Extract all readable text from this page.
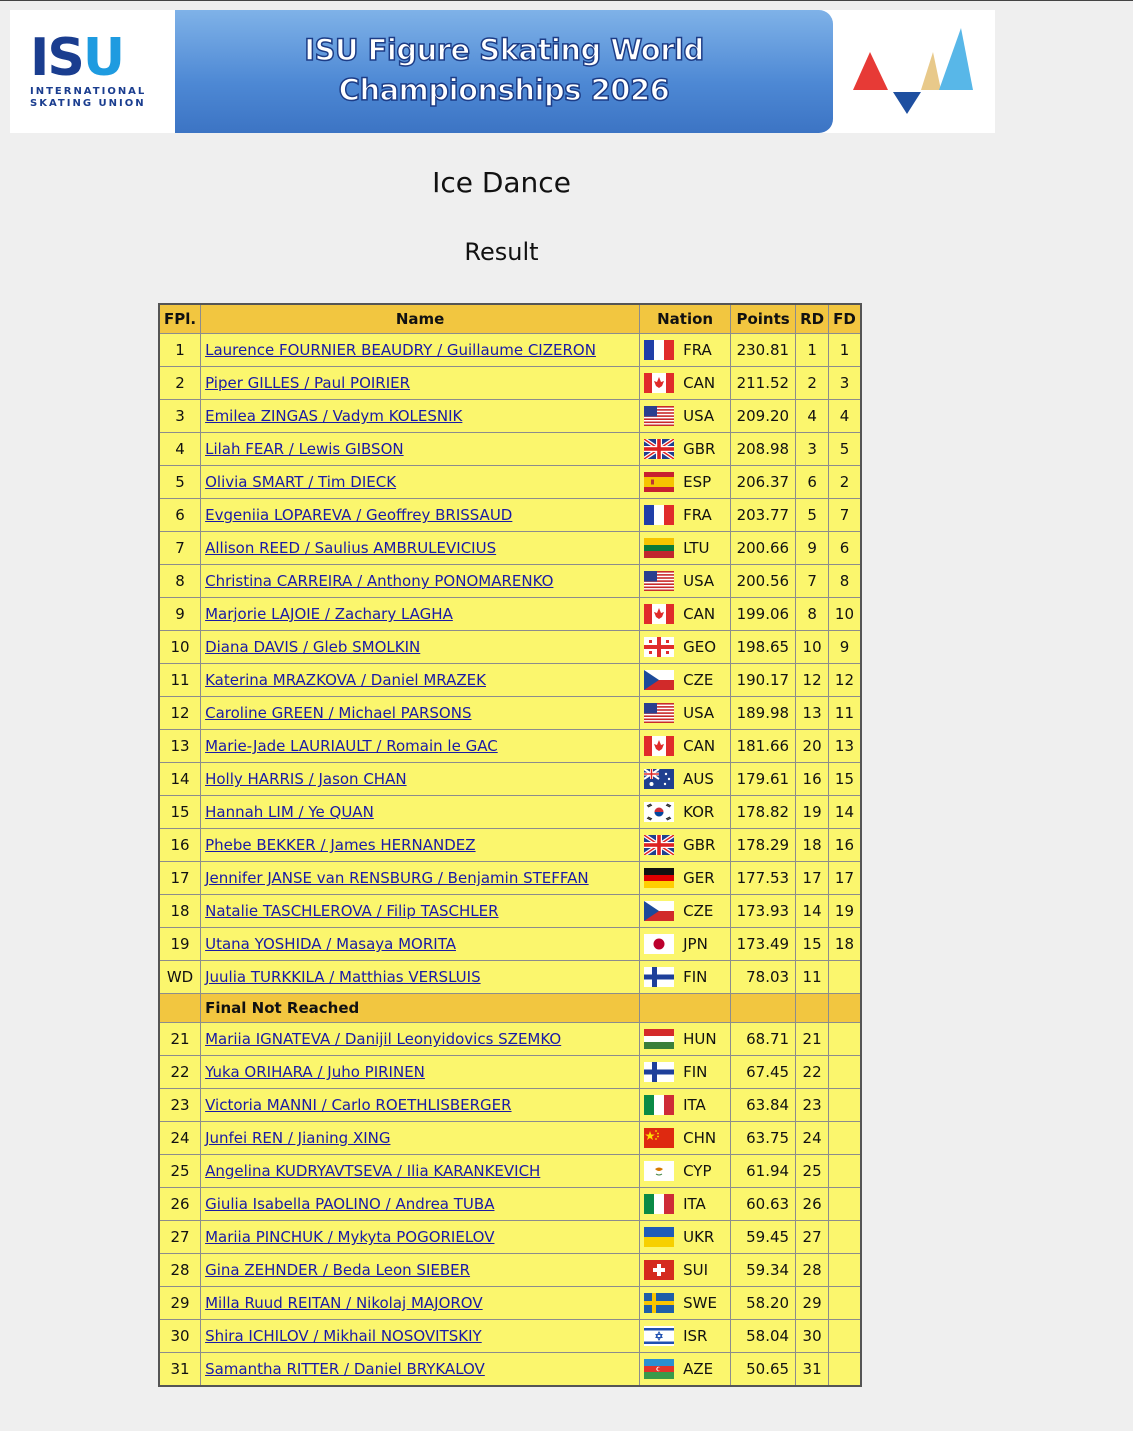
ISU
INTERNATIONAL
SKATING UNION
ISU Figure Skating World
Championships 2026
Ice Dance
Result
FPl.	Name	Nation	Points	RD	FD
1	Laurence FOURNIER BEAUDRY / Guillaume CIZERON	FRA	230.81	1	1
2	Piper GILLES / Paul POIRIER	CAN	211.52	2	3
3	Emilea ZINGAS / Vadym KOLESNIK	USA	209.20	4	4
4	Lilah FEAR / Lewis GIBSON	GBR	208.98	3	5
5	Olivia SMART / Tim DIECK	ESP	206.37	6	2
6	Evgeniia LOPAREVA / Geoffrey BRISSAUD	FRA	203.77	5	7
7	Allison REED / Saulius AMBRULEVICIUS	LTU	200.66	9	6
8	Christina CARREIRA / Anthony PONOMARENKO	USA	200.56	7	8
9	Marjorie LAJOIE / Zachary LAGHA	CAN	199.06	8	10
10	Diana DAVIS / Gleb SMOLKIN	GEO	198.65	10	9
11	Katerina MRAZKOVA / Daniel MRAZEK	CZE	190.17	12	12
12	Caroline GREEN / Michael PARSONS	USA	189.98	13	11
13	Marie-Jade LAURIAULT / Romain le GAC	CAN	181.66	20	13
14	Holly HARRIS / Jason CHAN	AUS	179.61	16	15
15	Hannah LIM / Ye QUAN	KOR	178.82	19	14
16	Phebe BEKKER / James HERNANDEZ	GBR	178.29	18	16
17	Jennifer JANSE van RENSBURG / Benjamin STEFFAN	GER	177.53	17	17
18	Natalie TASCHLEROVA / Filip TASCHLER	CZE	173.93	14	19
19	Utana YOSHIDA / Masaya MORITA	JPN	173.49	15	18
WD	Juulia TURKKILA / Matthias VERSLUIS	FIN	78.03	11	
	Final Not Reached				
21	Mariia IGNATEVA / Danijil Leonyidovics SZEMKO	HUN	68.71	21	
22	Yuka ORIHARA / Juho PIRINEN	FIN	67.45	22	
23	Victoria MANNI / Carlo ROETHLISBERGER	ITA	63.84	23	
24	Junfei REN / Jianing XING	CHN	63.75	24	
25	Angelina KUDRYAVTSEVA / Ilia KARANKEVICH	CYP	61.94	25	
26	Giulia Isabella PAOLINO / Andrea TUBA	ITA	60.63	26	
27	Mariia PINCHUK / Mykyta POGORIELOV	UKR	59.45	27	
28	Gina ZEHNDER / Beda Leon SIEBER	SUI	59.34	28	
29	Milla Ruud REITAN / Nikolaj MAJOROV	SWE	58.20	29	
30	Shira ICHILOV / Mikhail NOSOVITSKIY	ISR	58.04	30	
31	Samantha RITTER / Daniel BRYKALOV	AZE	50.65	31	
